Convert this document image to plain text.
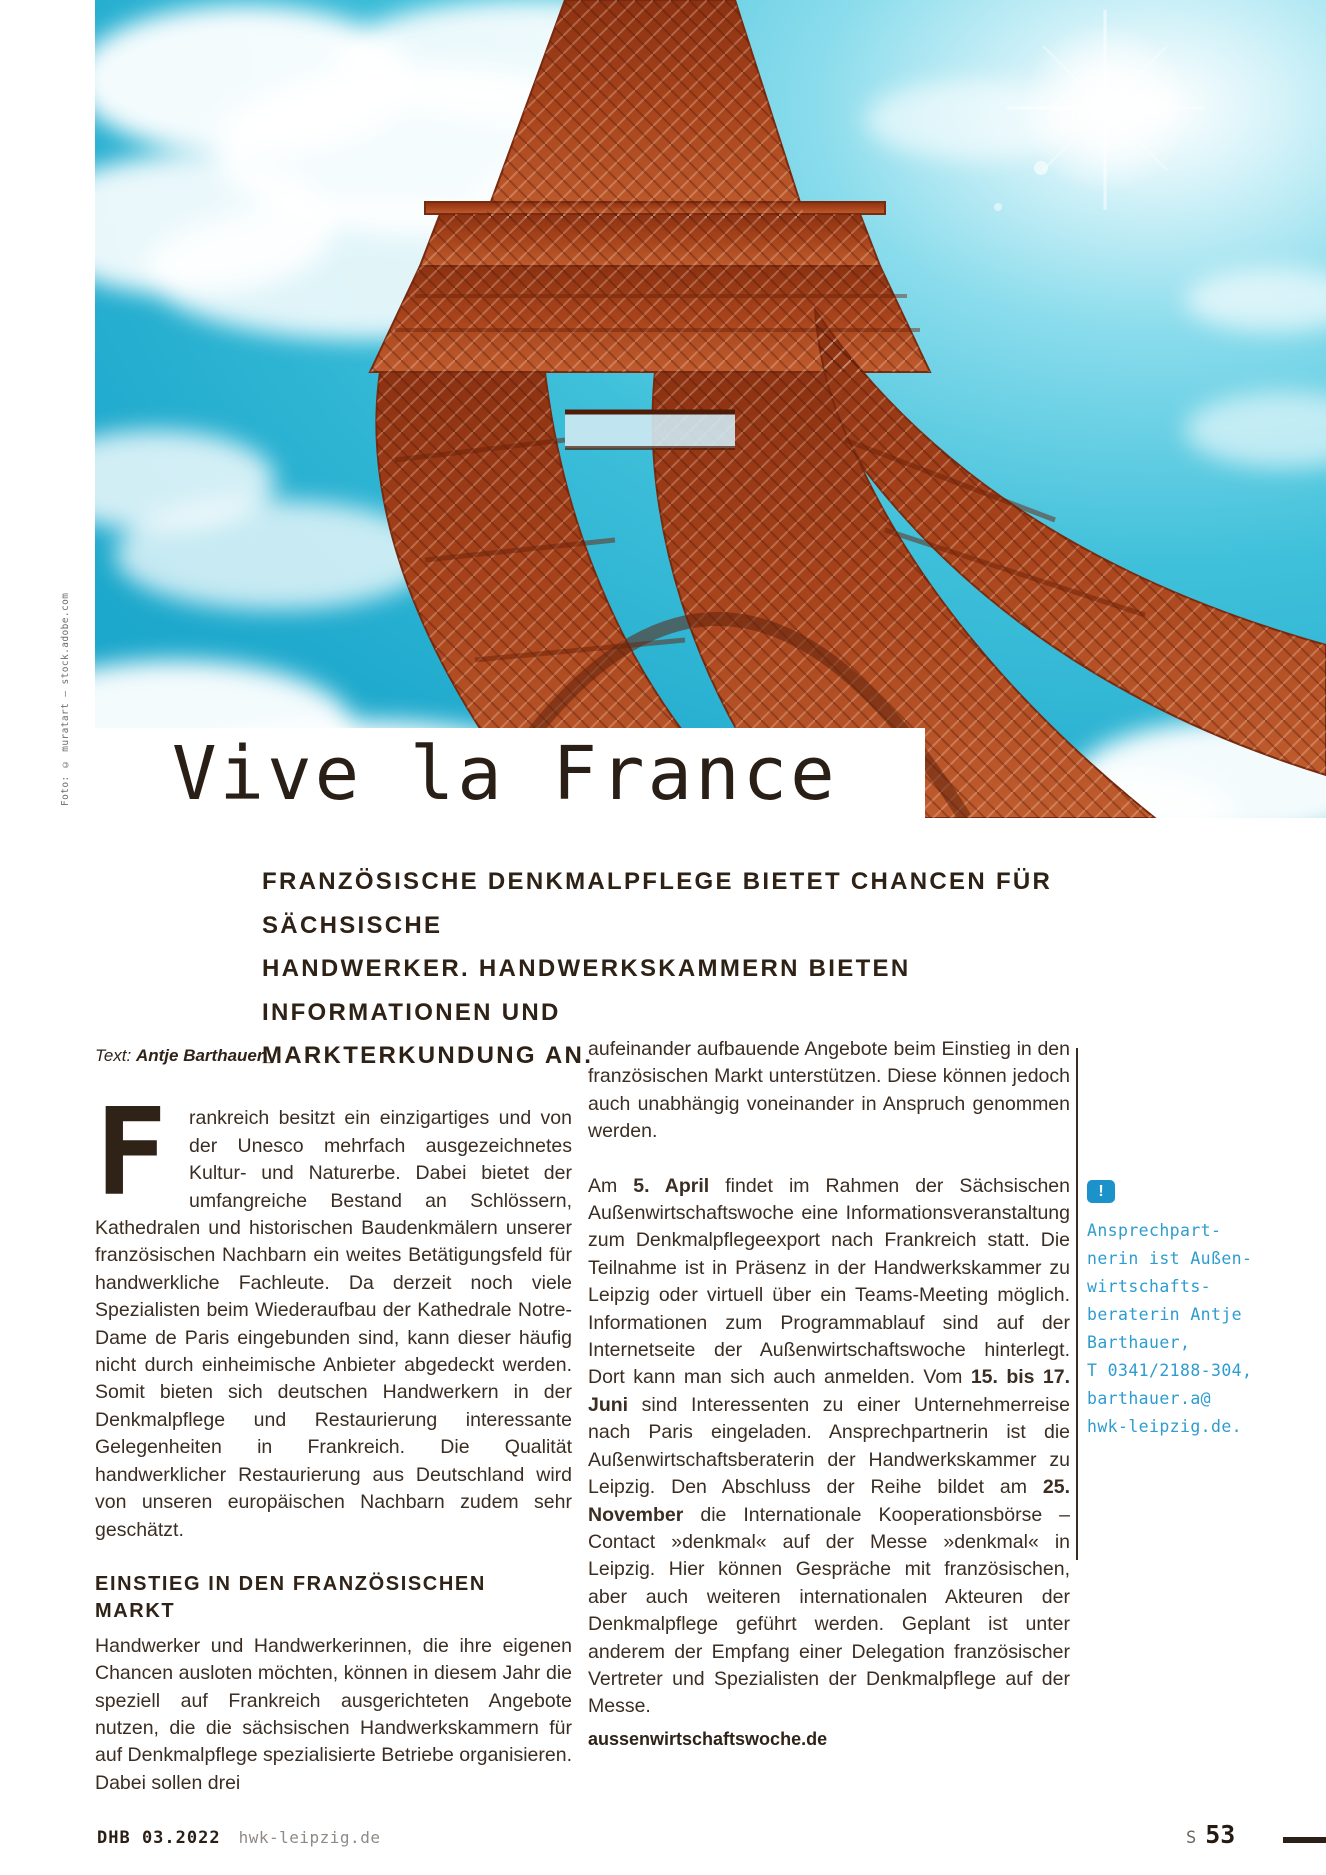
Foto: © muratart – stock.adobe.com	Vive la France
FRANZÖSISCHE DENKMALPFLEGE BIETET CHANCEN FÜR SÄCHSISCHE
HANDWERKER. HANDWERKSKAMMERN BIETEN INFORMATIONEN UND
MARKTERKUNDUNG AN.
Text: Antje Barthauer_
F	rankreich besitzt ein einzigartiges und von der Unesco mehrfach ausgezeichnetes Kultur- und Naturerbe. Dabei bietet der umfangreiche Bestand an Schlössern, Kathedralen und historischen Baudenkmälern unserer französischen Nachbarn ein weites Betätigungsfeld für handwerkliche Fachleute. Da derzeit noch viele Spezialisten beim Wiederaufbau der Kathedrale Notre-Dame de Paris eingebunden sind, kann dieser häufig nicht durch einheimische Anbieter abgedeckt werden. Somit bieten sich deutschen Handwerkern in der Denkmalpflege und Restaurierung interessante Gelegenheiten in Frankreich. Die Qualität handwerklicher Restaurierung aus Deutschland wird von unseren europäischen Nachbarn zudem sehr geschätzt.
EINSTIEG IN DEN FRANZÖSISCHEN MARKT
Handwerker und Handwerkerinnen, die ihre eigenen Chancen ausloten möchten, können in diesem Jahr die speziell auf Frankreich ausgerichteten Angebote nutzen, die die sächsischen Handwerkskammern für auf Denkmalpflege spezialisierte Betriebe organisieren. Dabei sollen drei
aufeinander aufbauende Angebote beim Einstieg in den französischen Markt unterstützen. Diese können jedoch auch unabhängig voneinander in Anspruch genommen werden.
Am 5. April findet im Rahmen der Sächsischen Außenwirtschaftswoche eine Informationsveranstaltung zum Denkmalpflegeexport nach Frankreich statt. Die Teilnahme ist in Präsenz in der Handwerkskammer zu Leipzig oder virtuell über ein Teams-Meeting möglich. Informationen zum Programmablauf sind auf der Internetseite der Außenwirtschaftswoche hinterlegt. Dort kann man sich auch anmelden. Vom 15. bis 17. Juni sind Interessenten zu einer Unternehmerreise nach Paris eingeladen. Ansprechpartnerin ist die Außenwirtschaftsberaterin der Handwerkskammer zu Leipzig. Den Abschluss der Reihe bildet am 25. November die Internationale Kooperationsbörse – Contact »denkmal« auf der Messe »denkmal« in Leipzig. Hier können Gespräche mit französischen, aber auch weiteren internationalen Akteuren der Denkmalpflege geführt werden. Geplant ist unter anderem der Empfang einer Delegation französischer Vertreter und Spezialisten der Denkmalpflege auf der Messe.
aussenwirtschaftswoche.de
!
Ansprechpart-
nerin ist Außen-
wirtschafts-
beraterin Antje
Barthauer,
T 0341/2188-304,
barthauer.a@
hwk-leipzig.de.
DHB 03.2022 hwk-leipzig.de	S 53
